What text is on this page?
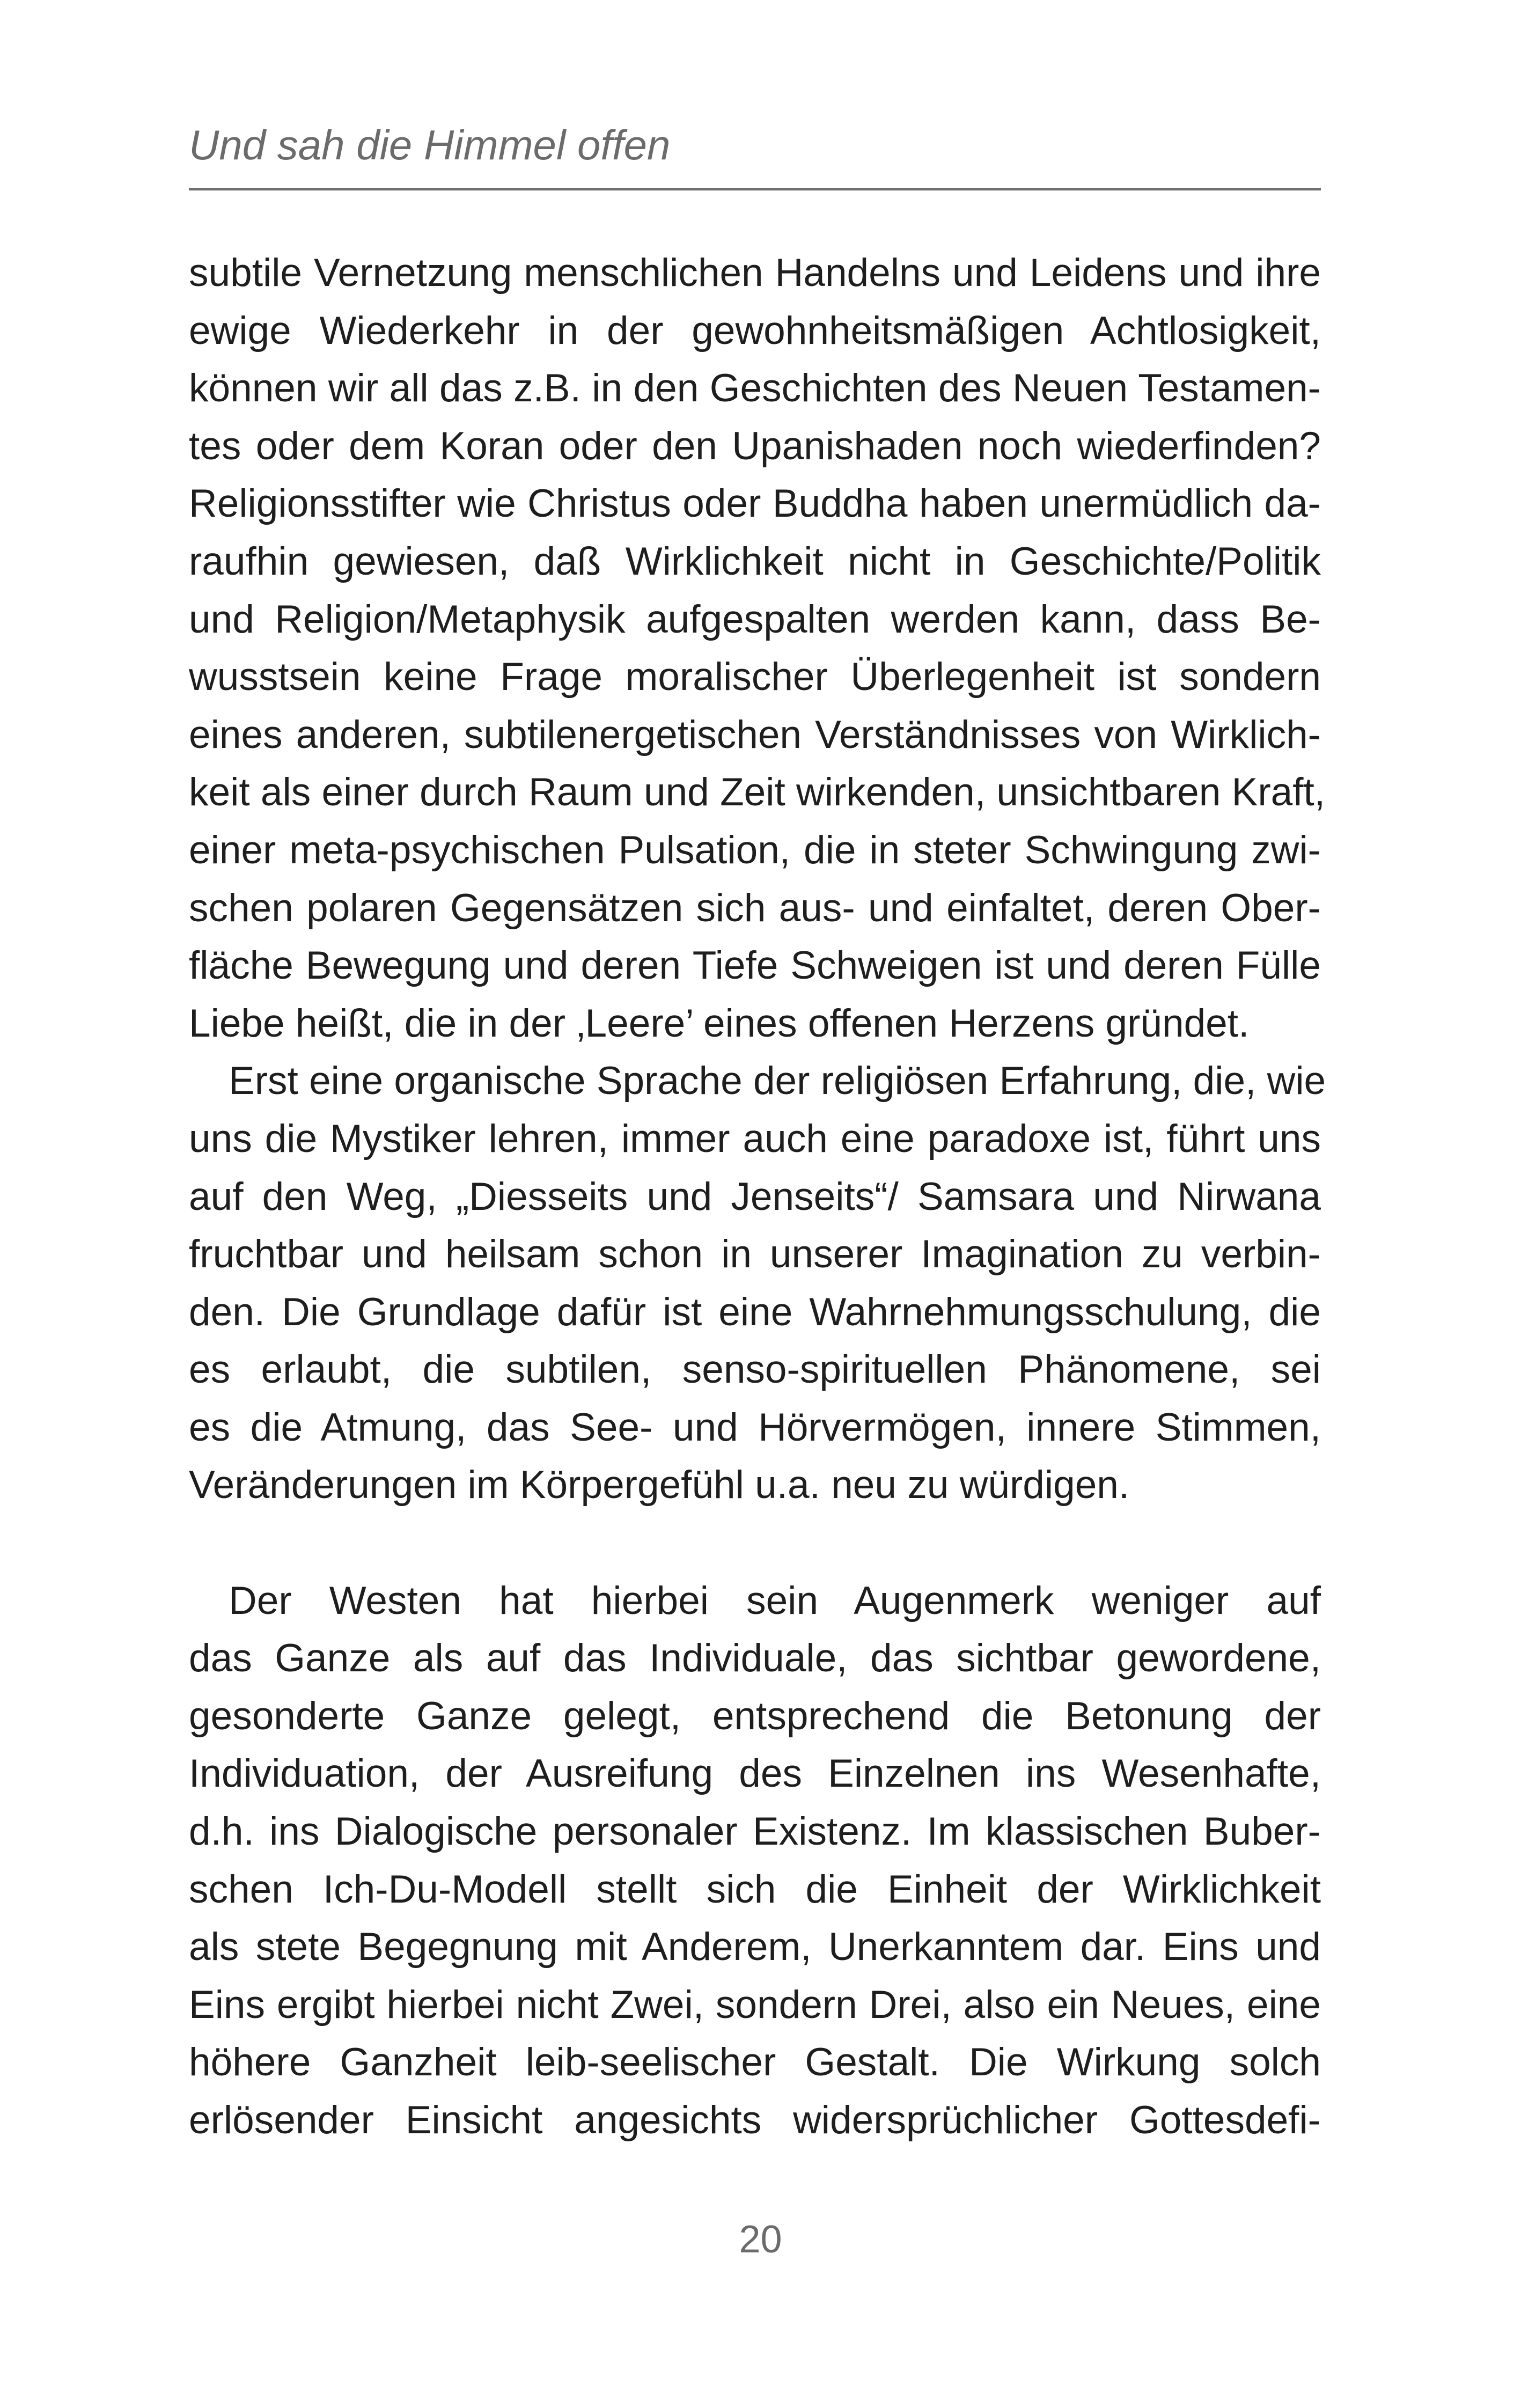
Und sah die Himmel offen

subtile Vernetzung menschlichen Handelns und Leidens und ihre
ewige Wiederkehr in der gewohnheitsmäßigen Achtlosigkeit,
können wir all das z.B. in den Geschichten des Neuen Testamen-
tes oder dem Koran oder den Upanishaden noch wiederfinden?
Religionsstifter wie Christus oder Buddha haben unermüdlich da-
raufhin gewiesen, daß Wirklichkeit nicht in Geschichte/Politik
und Religion/Metaphysik aufgespalten werden kann, dass Be-
wusstsein keine Frage moralischer Überlegenheit ist sondern
eines anderen, subtilenergetischen Verständnisses von Wirklich-
keit als einer durch Raum und Zeit wirkenden, unsichtbaren Kraft,
einer meta-psychischen Pulsation, die in steter Schwingung zwi-
schen polaren Gegensätzen sich aus- und einfaltet, deren Ober-
fläche Bewegung und deren Tiefe Schweigen ist und deren Fülle
Liebe heißt, die in der ‚Leere’ eines offenen Herzens gründet.

Erst eine organische Sprache der religiösen Erfahrung, die, wie
uns die Mystiker lehren, immer auch eine paradoxe ist, führt uns
auf den Weg, „Diesseits und Jenseits“/ Samsara und Nirwana
fruchtbar und heilsam schon in unserer Imagination zu verbin-
den. Die Grundlage dafür ist eine Wahrnehmungsschulung, die
es erlaubt, die subtilen, senso-spirituellen Phänomene, sei
es die Atmung, das See- und Hörvermögen, innere Stimmen,
Veränderungen im Körpergefühl u.a. neu zu würdigen.

Der Westen hat hierbei sein Augenmerk weniger auf
das Ganze als auf das Individuale, das sichtbar gewordene,
gesonderte Ganze gelegt, entsprechend die Betonung der
Individuation, der Ausreifung des Einzelnen ins Wesenhafte,
d.h. ins Dialogische personaler Existenz. Im klassischen Buber-
schen Ich-Du-Modell stellt sich die Einheit der Wirklichkeit
als stete Begegnung mit Anderem, Unerkanntem dar. Eins und
Eins ergibt hierbei nicht Zwei, sondern Drei, also ein Neues, eine
höhere Ganzheit leib-seelischer Gestalt. Die Wirkung solch
erlösender Einsicht angesichts widersprüchlicher Gottesdefi-

20
